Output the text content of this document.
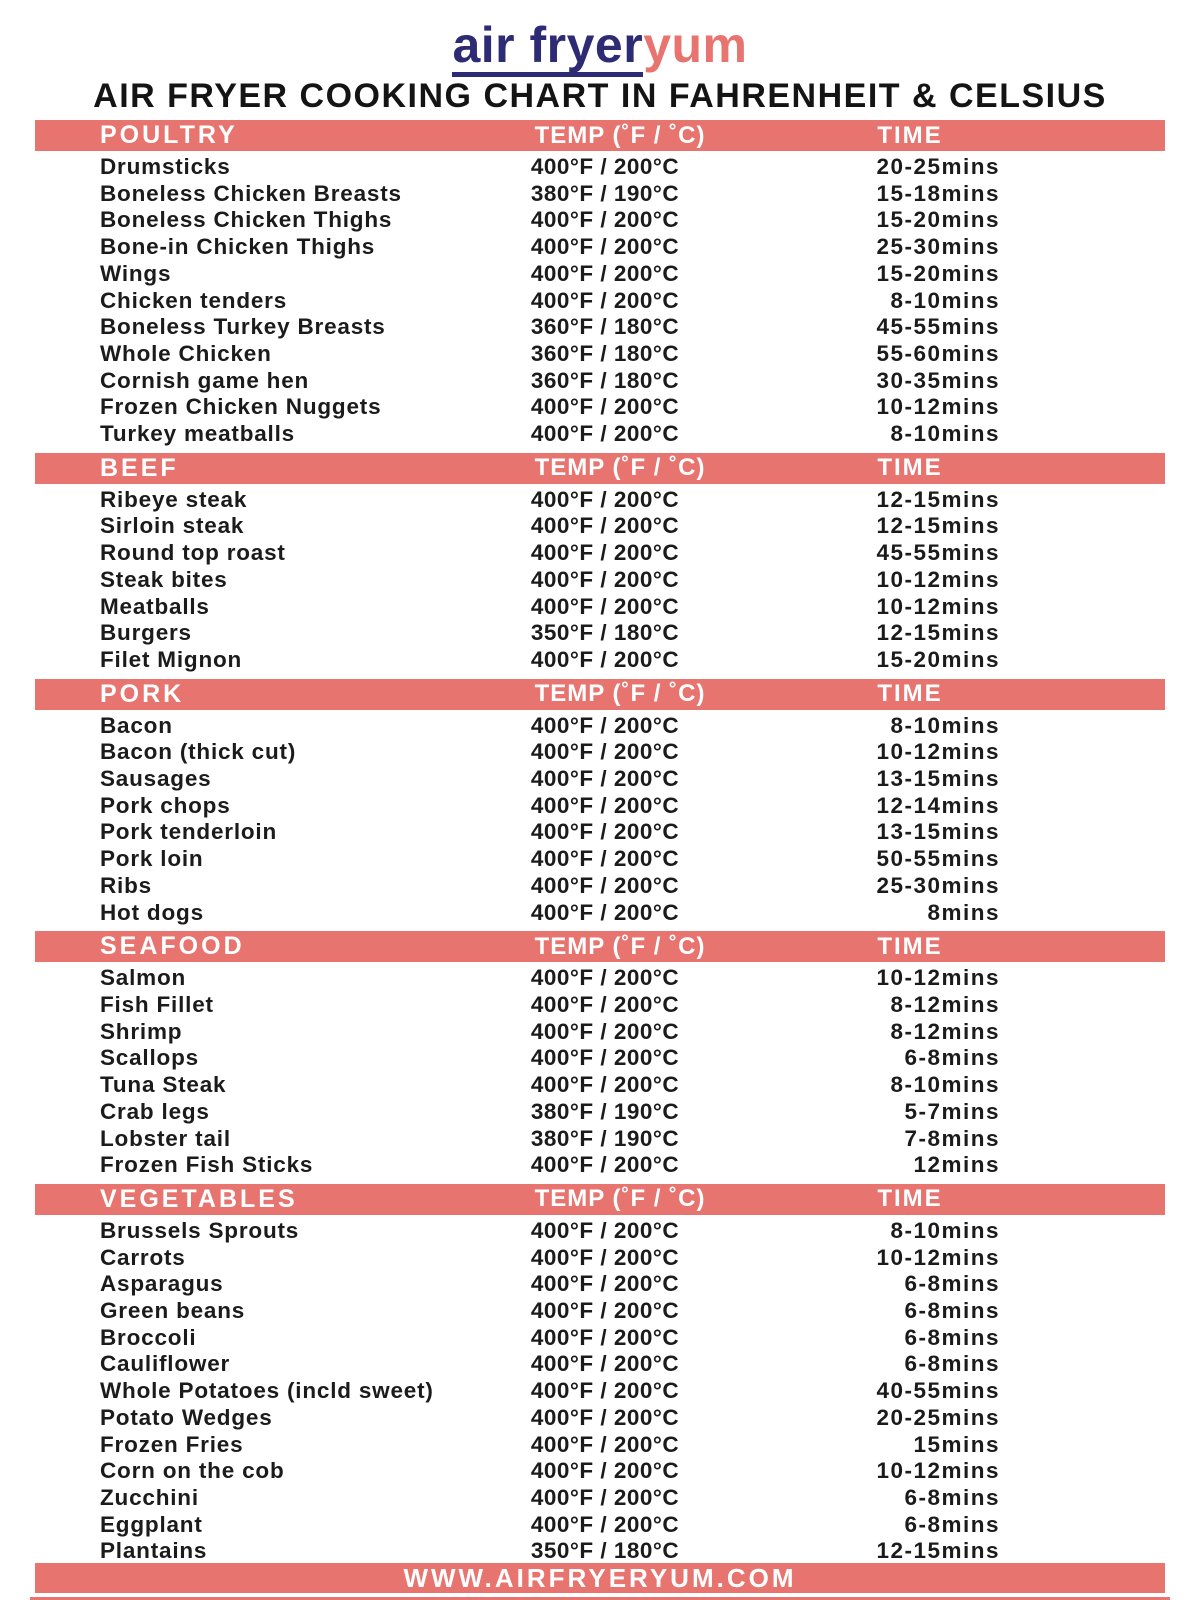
air fryeryum
AIR FRYER COOKING CHART IN FAHRENHEIT & CELSIUS
POULTRY	TEMP (˚F / ˚C)	TIME
Drumsticks	400°F / 200°C	20-25mins
Boneless Chicken Breasts	380°F / 190°C	15-18mins
Boneless Chicken Thighs	400°F / 200°C	15-20mins
Bone-in Chicken Thighs	400°F / 200°C	25-30mins
Wings	400°F / 200°C	15-20mins
Chicken tenders	400°F / 200°C	8-10mins
Boneless Turkey Breasts	360°F / 180°C	45-55mins
Whole Chicken	360°F / 180°C	55-60mins
Cornish game hen	360°F / 180°C	30-35mins
Frozen Chicken Nuggets	400°F / 200°C	10-12mins
Turkey meatballs	400°F / 200°C	8-10mins
BEEF	TEMP (˚F / ˚C)	TIME
Ribeye steak	400°F / 200°C	12-15mins
Sirloin steak	400°F / 200°C	12-15mins
Round top roast	400°F / 200°C	45-55mins
Steak bites	400°F / 200°C	10-12mins
Meatballs	400°F / 200°C	10-12mins
Burgers	350°F / 180°C	12-15mins
Filet Mignon	400°F / 200°C	15-20mins
PORK	TEMP (˚F / ˚C)	TIME
Bacon	400°F / 200°C	8-10mins
Bacon (thick cut)	400°F / 200°C	10-12mins
Sausages	400°F / 200°C	13-15mins
Pork chops	400°F / 200°C	12-14mins
Pork tenderloin	400°F / 200°C	13-15mins
Pork loin	400°F / 200°C	50-55mins
Ribs	400°F / 200°C	25-30mins
Hot dogs	400°F / 200°C	8mins
SEAFOOD	TEMP (˚F / ˚C)	TIME
Salmon	400°F / 200°C	10-12mins
Fish Fillet	400°F / 200°C	8-12mins
Shrimp	400°F / 200°C	8-12mins
Scallops	400°F / 200°C	6-8mins
Tuna Steak	400°F / 200°C	8-10mins
Crab legs	380°F / 190°C	5-7mins
Lobster tail	380°F / 190°C	7-8mins
Frozen Fish Sticks	400°F / 200°C	12mins
VEGETABLES	TEMP (˚F / ˚C)	TIME
Brussels Sprouts	400°F / 200°C	8-10mins
Carrots	400°F / 200°C	10-12mins
Asparagus	400°F / 200°C	6-8mins
Green beans	400°F / 200°C	6-8mins
Broccoli	400°F / 200°C	6-8mins
Cauliflower	400°F / 200°C	6-8mins
Whole Potatoes (incld sweet)	400°F / 200°C	40-55mins
Potato Wedges	400°F / 200°C	20-25mins
Frozen Fries	400°F / 200°C	15mins
Corn on the cob	400°F / 200°C	10-12mins
Zucchini	400°F / 200°C	6-8mins
Eggplant	400°F / 200°C	6-8mins
Plantains	350°F / 180°C	12-15mins
WWW.AIRFRYERYUM.COM
